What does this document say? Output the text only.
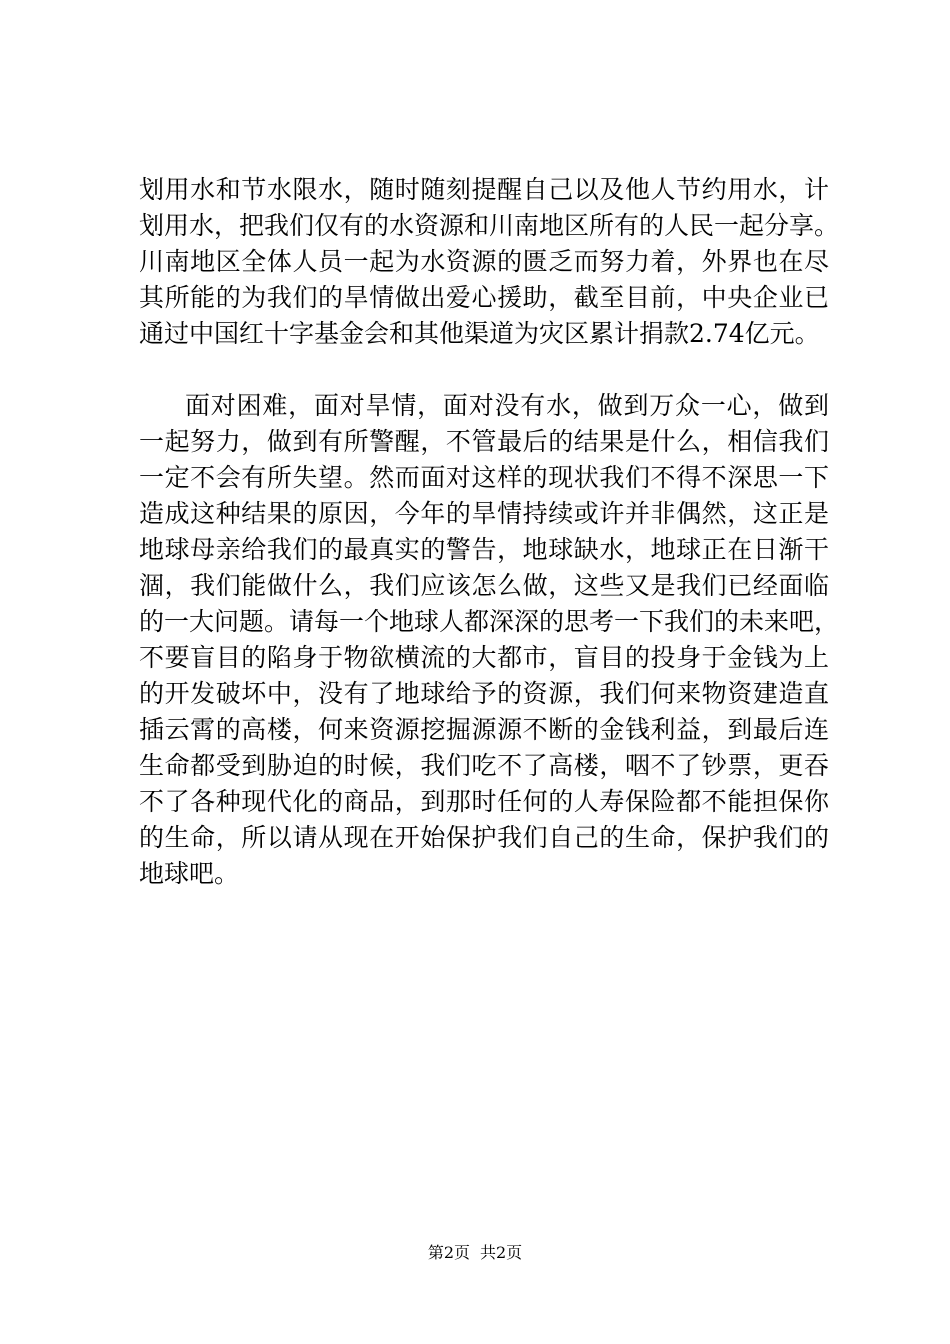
划用水和节水限水，随时随刻提醒自己以及他人节约用水，计
划用水，把我们仅有的水资源和川南地区所有的人民一起分享。
川南地区全体人员一起为水资源的匮乏而努力着，外界也在尽
其所能的为我们的旱情做出爱心援助，截至目前，中央企业已
通过中国红十字基金会和其他渠道为灾区累计捐款2.74亿元。
面对困难，面对旱情，面对没有水，做到万众一心，做到
一起努力，做到有所警醒，不管最后的结果是什么，相信我们
一定不会有所失望。然而面对这样的现状我们不得不深思一下
造成这种结果的原因，今年的旱情持续或许并非偶然，这正是
地球母亲给我们的最真实的警告，地球缺水，地球正在日渐干
涸，我们能做什么，我们应该怎么做，这些又是我们已经面临
的一大问题。请每一个地球人都深深的思考一下我们的未来吧，
不要盲目的陷身于物欲横流的大都市，盲目的投身于金钱为上
的开发破坏中，没有了地球给予的资源，我们何来物资建造直
插云霄的高楼，何来资源挖掘源源不断的金钱利益，到最后连
生命都受到胁迫的时候，我们吃不了高楼，咽不了钞票，更吞
不了各种现代化的商品，到那时任何的人寿保险都不能担保你
的生命，所以请从现在开始保护我们自己的生命，保护我们的
地球吧。
第2页 共2页
